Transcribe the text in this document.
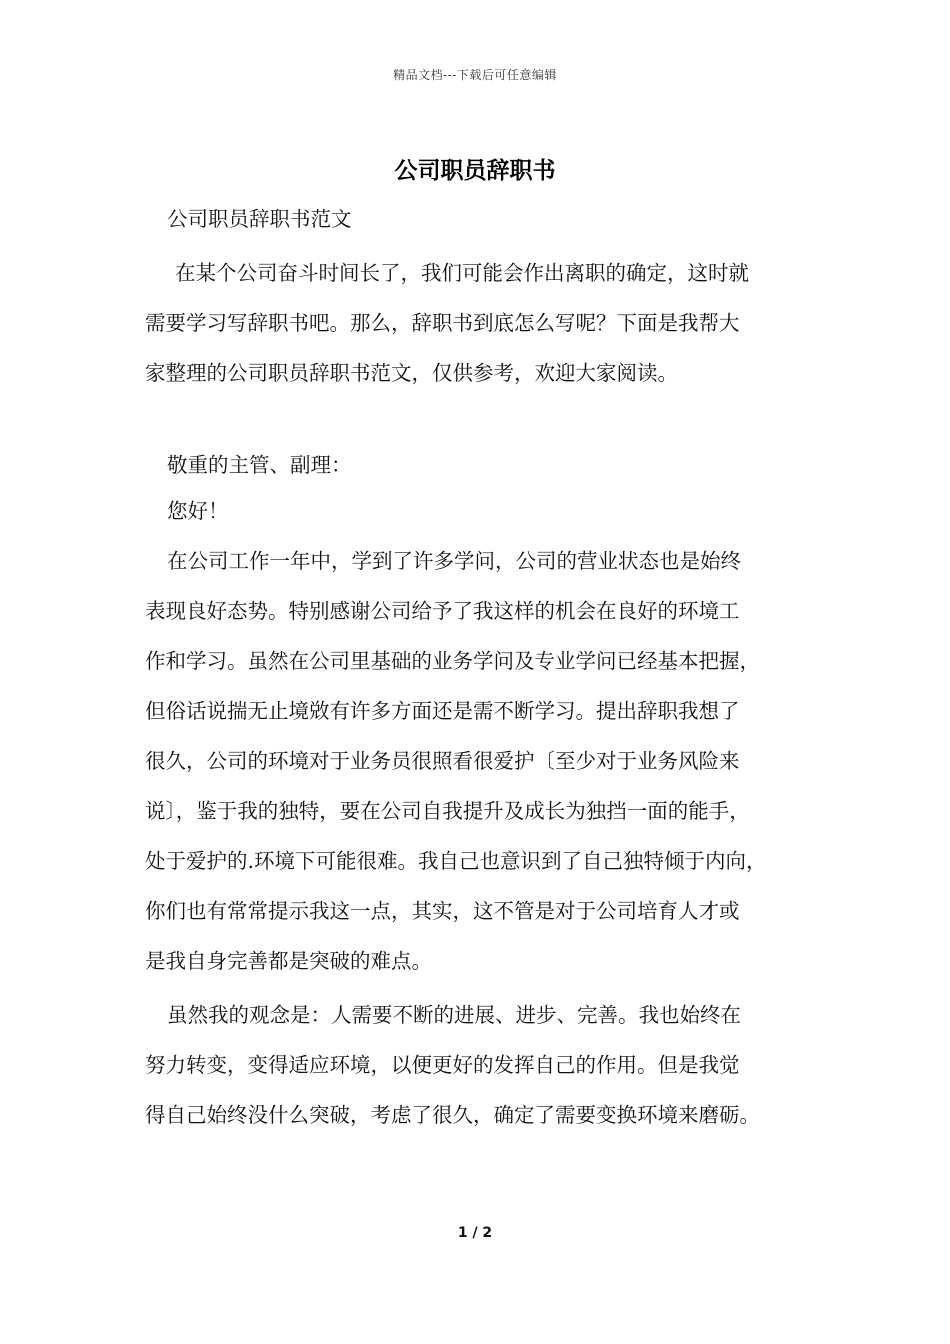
精品文档---下载后可任意编辑
公司职员辞职书
公司职员辞职书范文
在某个公司奋斗时间长了，我们可能会作出离职的确定，这时就
需要学习写辞职书吧。那么，辞职书到底怎么写呢？下面是我帮大
家整理的公司职员辞职书范文，仅供参考，欢迎大家阅读。
敬重的主管、副理：
您好！
在公司工作一年中，学到了许多学问，公司的营业状态也是始终
表现良好态势。特别感谢公司给予了我这样的机会在良好的环境工
作和学习。虽然在公司里基础的业务学问及专业学问已经基本把握，
但俗话说揣无止境敚有许多方面还是需不断学习。提出辞职我想了
很久，公司的环境对于业务员很照看很爱护〔至少对于业务风险来
说〕，鉴于我的独特，要在公司自我提升及成长为独挡一面的能手，
处于爱护的.环境下可能很难。我自己也意识到了自己独特倾于内向，
你们也有常常提示我这一点，其实，这不管是对于公司培育人才或
是我自身完善都是突破的难点。
虽然我的观念是：人需要不断的进展、进步、完善。我也始终在
努力转变，变得适应环境，以便更好的发挥自己的作用。但是我觉
得自己始终没什么突破，考虑了很久，确定了需要变换环境来磨砺。
1 / 2
